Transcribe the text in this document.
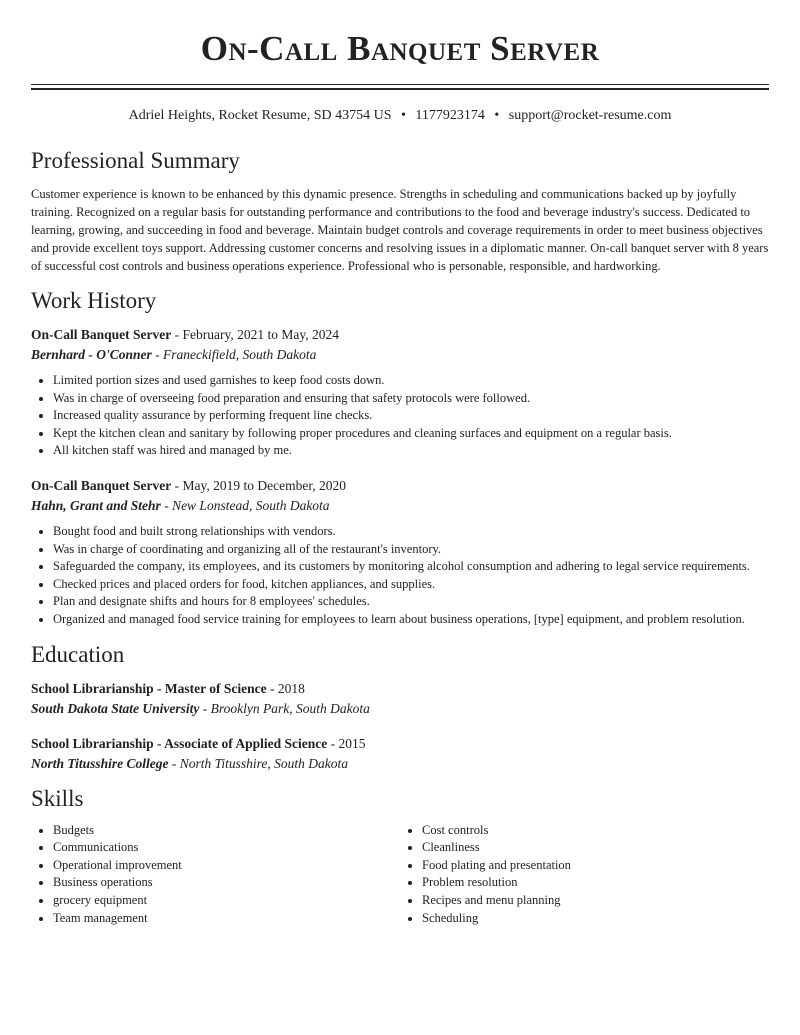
On-Call Banquet Server
Adriel Heights, Rocket Resume, SD 43754 US • 1177923174 • support@rocket-resume.com
Professional Summary

Customer experience is known to be enhanced by this dynamic presence. Strengths in scheduling and communications backed up by joyfully training. Recognized on a regular basis for outstanding performance and contributions to the food and beverage industry's success. Dedicated to learning, growing, and succeeding in food and beverage. Maintain budget controls and coverage requirements in order to meet business objectives and provide excellent toys support. Addressing customer concerns and resolving issues in a diplomatic manner. On-call banquet server with 8 years of successful cost controls and business operations experience. Professional who is personable, responsible, and hardworking.

Work History
On-Call Banquet Server - February, 2021 to May, 2024
Bernhard - O'Conner - Franeckifield, South Dakota
• Limited portion sizes and used garnishes to keep food costs down.
• Was in charge of overseeing food preparation and ensuring that safety protocols were followed.
• Increased quality assurance by performing frequent line checks.
• Kept the kitchen clean and sanitary by following proper procedures and cleaning surfaces and equipment on a regular basis.
• All kitchen staff was hired and managed by me.
On-Call Banquet Server - May, 2019 to December, 2020
Hahn, Grant and Stehr - New Lonstead, South Dakota
• Bought food and built strong relationships with vendors.
• Was in charge of coordinating and organizing all of the restaurant's inventory.
• Safeguarded the company, its employees, and its customers by monitoring alcohol consumption and adhering to legal service requirements.
• Checked prices and placed orders for food, kitchen appliances, and supplies.
• Plan and designate shifts and hours for 8 employees' schedules.
• Organized and managed food service training for employees to learn about business operations, [type] equipment, and problem resolution.
Education
School Librarianship - Master of Science - 2018
South Dakota State University - Brooklyn Park, South Dakota
School Librarianship - Associate of Applied Science - 2015
North Titusshire College - North Titusshire, South Dakota
Skills
• Budgets
• Communications
• Operational improvement
• Business operations
• grocery equipment
• Team management
• Cost controls
• Cleanliness
• Food plating and presentation
• Problem resolution
• Recipes and menu planning
• Scheduling
